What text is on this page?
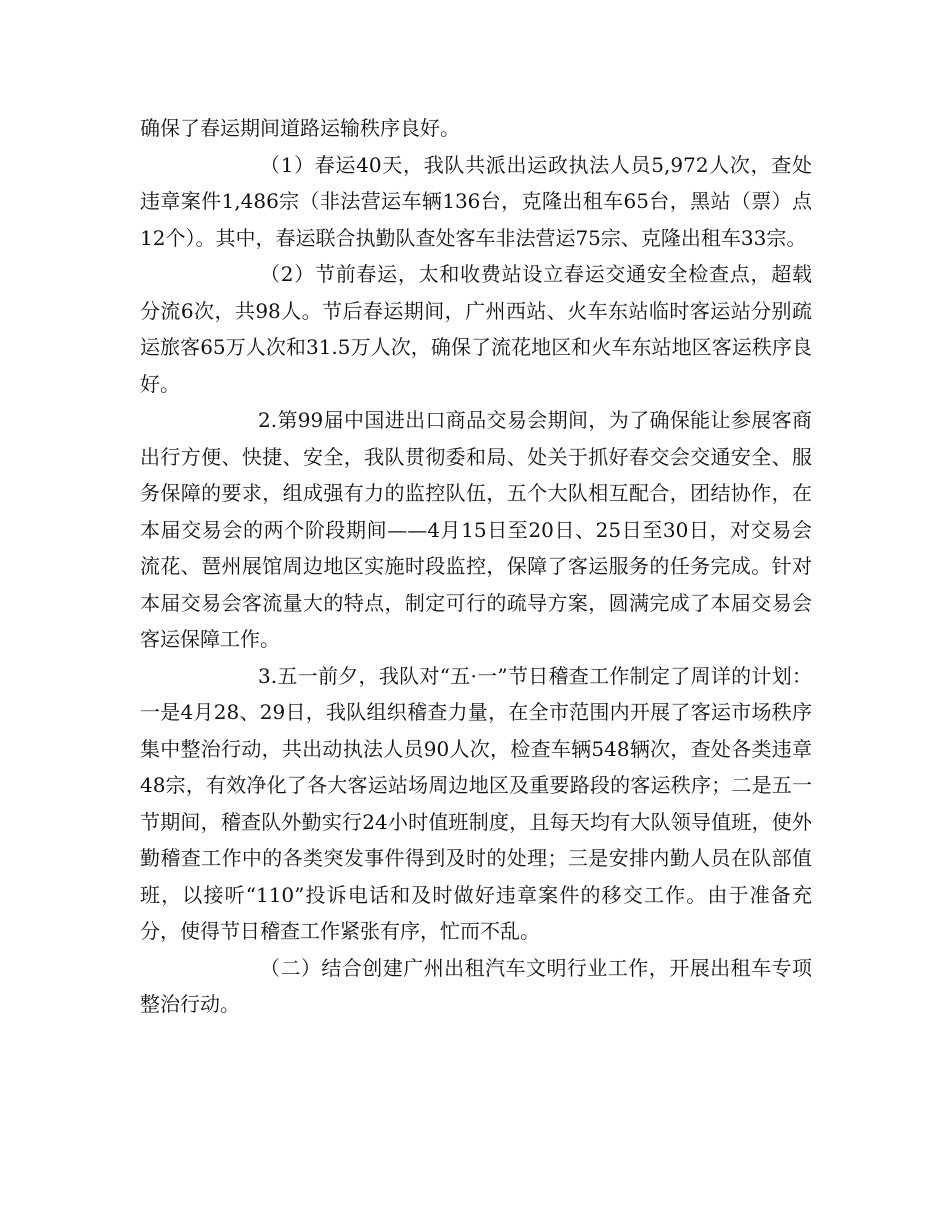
确保了春运期间道路运输秩序良好。

（1）春运40天，我队共派出运政执法人员5,972人次，查处违章案件1,486宗（非法营运车辆136台，克隆出租车65台，黑站（票）点12个）。其中，春运联合执勤队查处客车非法营运75宗、克隆出租车33宗。

（2）节前春运，太和收费站设立春运交通安全检查点，超载分流6次，共98人。节后春运期间，广州西站、火车东站临时客运站分别疏运旅客65万人次和31.5万人次，确保了流花地区和火车东站地区客运秩序良好。

2.第99届中国进出口商品交易会期间，为了确保能让参展客商出行方便、快捷、安全，我队贯彻委和局、处关于抓好春交会交通安全、服务保障的要求，组成强有力的监控队伍，五个大队相互配合，团结协作，在本届交易会的两个阶段期间——4月15日至20日、25日至30日，对交易会流花、琶州展馆周边地区实施时段监控，保障了客运服务的任务完成。针对本届交易会客流量大的特点，制定可行的疏导方案，圆满完成了本届交易会客运保障工作。

3.五一前夕，我队对“五·一”节日稽查工作制定了周详的计划：一是4月28、29日，我队组织稽查力量，在全市范围内开展了客运市场秩序集中整治行动，共出动执法人员90人次，检查车辆548辆次，查处各类违章48宗，有效净化了各大客运站场周边地区及重要路段的客运秩序；二是五一节期间，稽查队外勤实行24小时值班制度，且每天均有大队领导值班，使外勤稽查工作中的各类突发事件得到及时的处理；三是安排内勤人员在队部值班，以接听“110”投诉电话和及时做好违章案件的移交工作。由于准备充分，使得节日稽查工作紧张有序，忙而不乱。

（二）结合创建广州出租汽车文明行业工作，开展出租车专项整治行动。
